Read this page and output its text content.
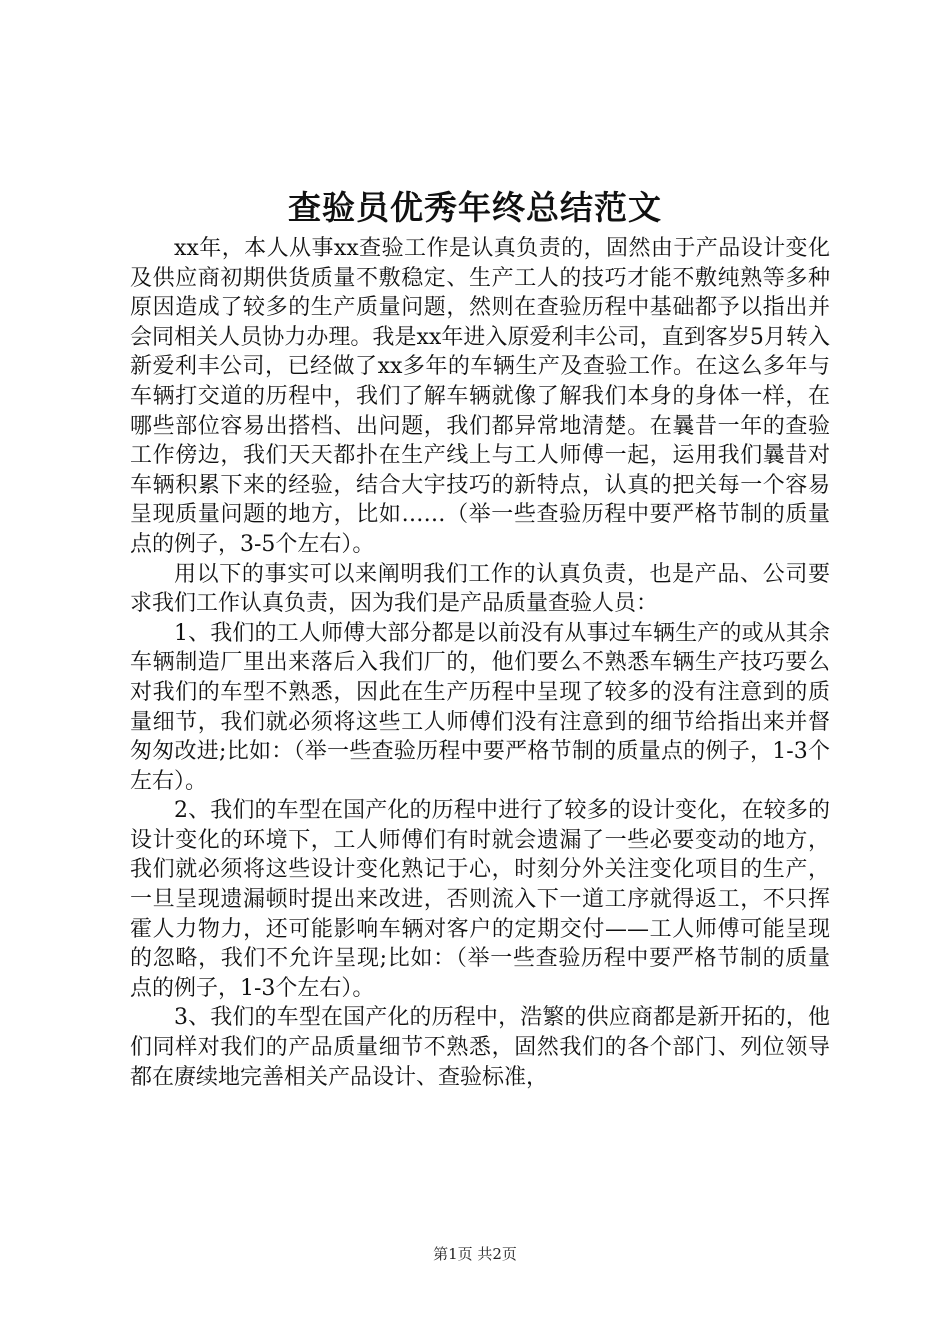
查验员优秀年终总结范文

xx年，本人从事xx查验工作是认真负责的，固然由于产品设计变化及供应商初期供货质量不敷稳定、生产工人的技巧才能不敷纯熟等多种原因造成了较多的生产质量问题，然则在查验历程中基础都予以指出并会同相关人员协力办理。我是xx年进入原爱利丰公司，直到客岁5月转入新爱利丰公司，已经做了xx多年的车辆生产及查验工作。在这么多年与车辆打交道的历程中，我们了解车辆就像了解我们本身的身体一样，在哪些部位容易出搭档、出问题，我们都异常地清楚。在曩昔一年的查验工作傍边，我们天天都扑在生产线上与工人师傅一起，运用我们曩昔对车辆积累下来的经验，结合大宇技巧的新特点，认真的把关每一个容易呈现质量问题的地方，比如……（举一些查验历程中要严格节制的质量点的例子，3-5个左右）。

用以下的事实可以来阐明我们工作的认真负责，也是产品、公司要求我们工作认真负责，因为我们是产品质量查验人员：

1、我们的工人师傅大部分都是以前没有从事过车辆生产的或从其余车辆制造厂里出来落后入我们厂的，他们要么不熟悉车辆生产技巧要么对我们的车型不熟悉，因此在生产历程中呈现了较多的没有注意到的质量细节，我们就必须将这些工人师傅们没有注意到的细节给指出来并督匆匆改进;比如：（举一些查验历程中要严格节制的质量点的例子，1-3个左右）。

2、我们的车型在国产化的历程中进行了较多的设计变化，在较多的设计变化的环境下，工人师傅们有时就会遗漏了一些必要变动的地方，我们就必须将这些设计变化熟记于心，时刻分外关注变化项目的生产，一旦呈现遗漏顿时提出来改进，否则流入下一道工序就得返工，不只挥霍人力物力，还可能影响车辆对客户的定期交付——工人师傅可能呈现的忽略，我们不允许呈现;比如：（举一些查验历程中要严格节制的质量点的例子，1-3个左右）。

3、我们的车型在国产化的历程中，浩繁的供应商都是新开拓的，他们同样对我们的产品质量细节不熟悉，固然我们的各个部门、列位领导都在赓续地完善相关产品设计、查验标准，

第1页 共2页
